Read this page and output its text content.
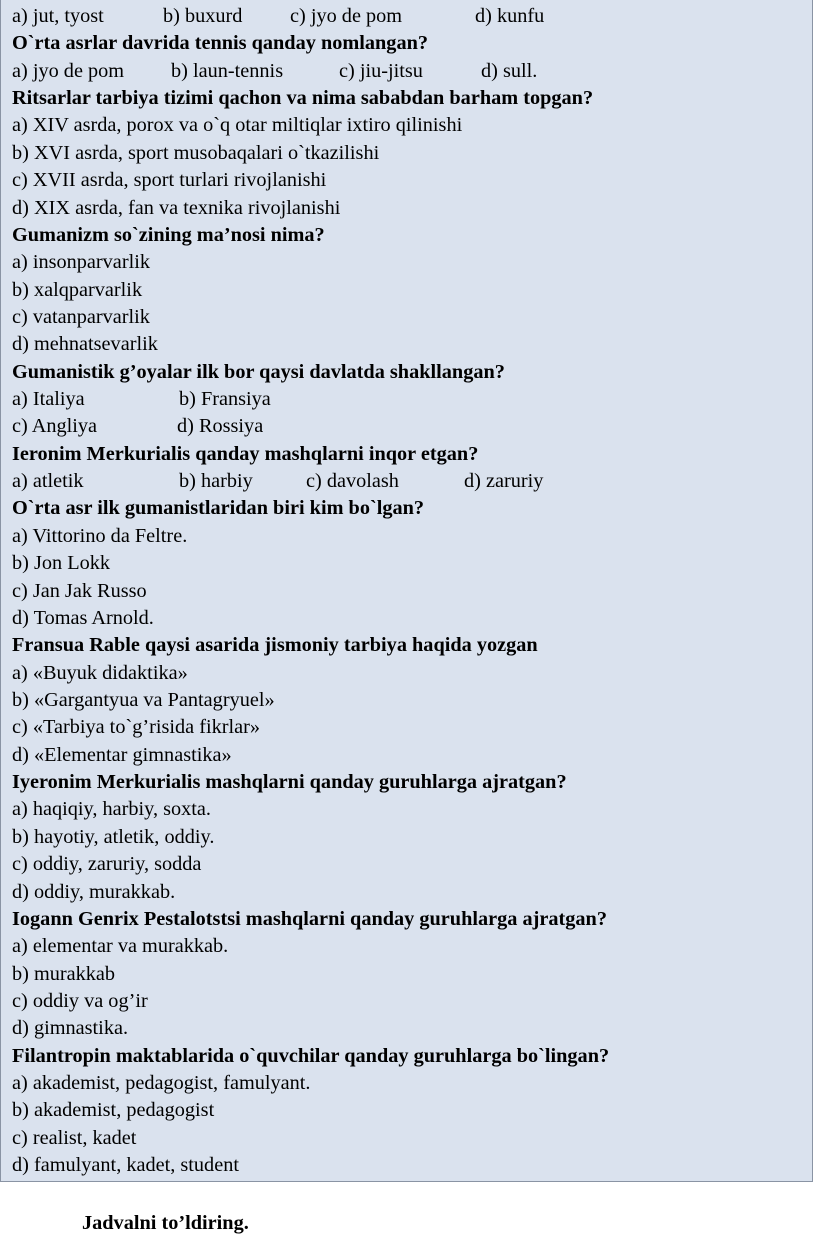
a) jut, tyost	b) buxurd c) jyo de pom	d) kunfu
O`rta asrlar davrida tennis qanday nomlangan?
a) jyo de pom b) laun-tennis	c) jiu-jitsu	d) sull.
Ritsarlar tarbiya tizimi qachon va nima sababdan barham topgan?
a) XIV asrda, porox va o`q otar miltiqlar ixtiro qilinishi
b) XVI asrda, sport musobaqalari o`tkazilishi
c) XVII asrda, sport turlari rivojlanishi
d) XIX asrda, fan va texnika rivojlanishi
Gumanizm so`zining ma’nosi nima?
a) insonparvarlik
b) xalqparvarlik
c) vatanparvarlik
d) mehnatsevarlik
Gumanistik g’oyalar ilk bor qaysi davlatda shakllangan?
a) Italiya	b) Fransiya
c) Angliya	d) Rossiya
Ieronim Merkurialis qanday mashqlarni inqor etgan?
a) atletik	b) harbiy	c) davolash	d) zaruriy
O`rta asr ilk gumanistlaridan biri kim bo`lgan?
a) Vittorino da Feltre.
b) Jon Lokk
c) Jan Jak Russo
d) Tomas Arnold.
Fransua Rable qaysi asarida jismoniy tarbiya haqida yozgan
a) «Buyuk didaktika»
b) «Gargantyua va Pantagryuel»
c) «Tarbiya to`g’risida fikrlar»
d) «Elementar gimnastika»
Iyeronim Merkurialis mashqlarni qanday guruhlarga ajratgan?
a) haqiqiy, harbiy, soxta.
b) hayotiy, atletik, oddiy.
c) oddiy, zaruriy, sodda
d) oddiy, murakkab.
Iogann Genrix Pestalotstsi mashqlarni qanday guruhlarga ajratgan?
a) elementar va murakkab.
b) murakkab
c) oddiy va og’ir
d) gimnastika.
Filantropin maktablarida o`quvchilar qanday guruhlarga bo`lingan?
a) akademist, pedagogist, famulyant.
b) akademist, pedagogist
c) realist, kadet
d) famulyant, kadet, student
Jadvalni to’ldiring.
